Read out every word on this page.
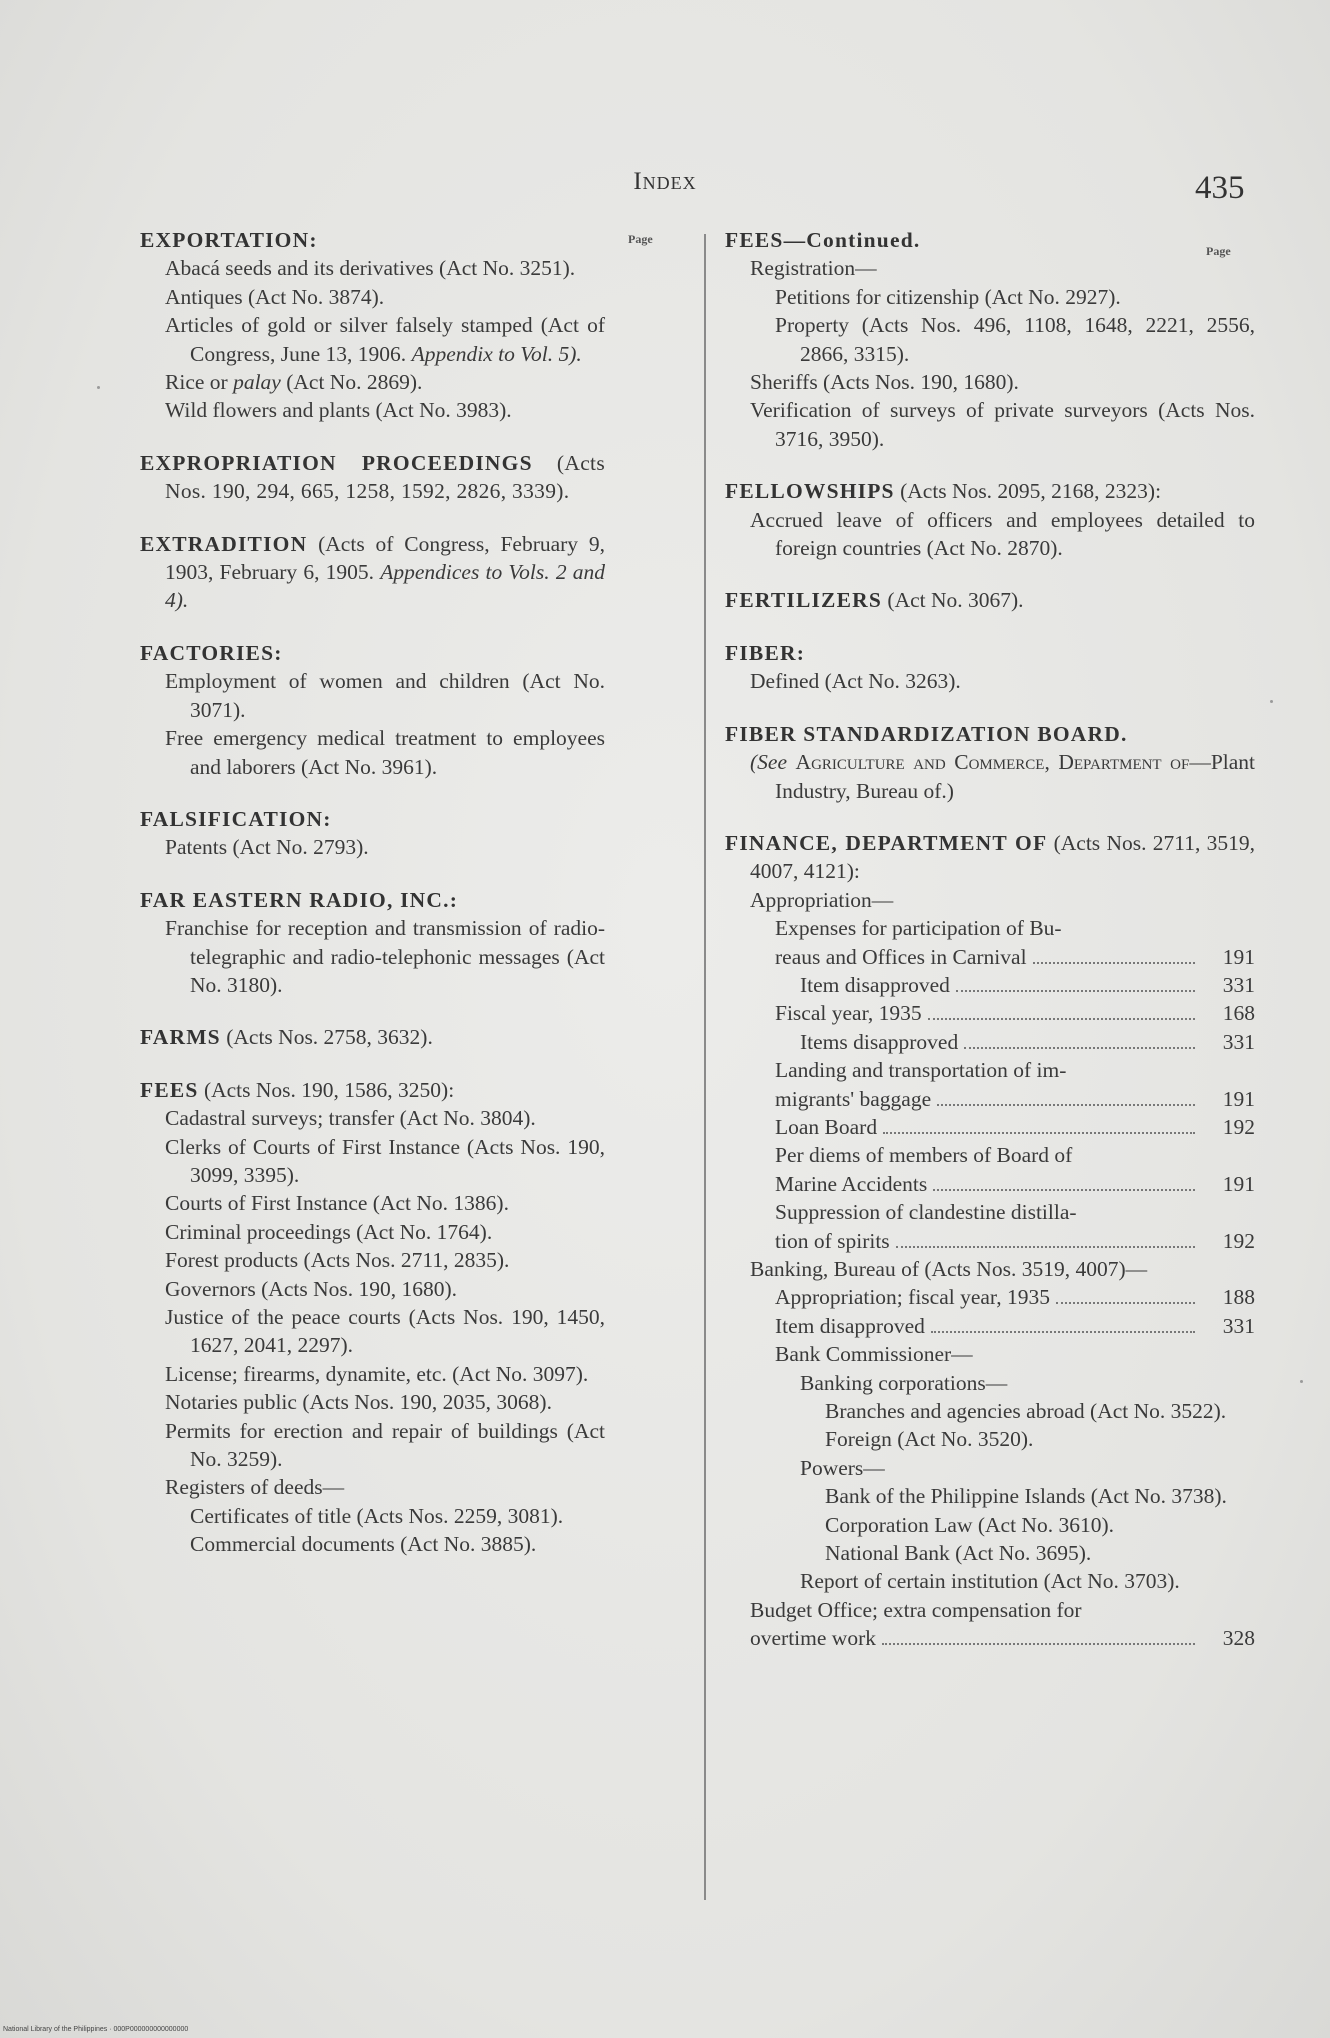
Index	435
Page
Page
EXPORTATION:
Abacá seeds and its derivatives (Act No. 3251).
Antiques (Act No. 3874).
Articles of gold or silver falsely stamped (Act of Congress, June 13, 1906. Appendix to Vol. 5).
Rice or palay (Act No. 2869).
Wild flowers and plants (Act No. 3983).
EXPROPRIATION PROCEEDINGS (Acts Nos. 190, 294, 665, 1258, 1592, 2826, 3339).
EXTRADITION (Acts of Congress, February 9, 1903, February 6, 1905. Appendices to Vols. 2 and 4).
FACTORIES:
Employment of women and children (Act No. 3071).
Free emergency medical treatment to employees and laborers (Act No. 3961).
FALSIFICATION:
Patents (Act No. 2793).
FAR EASTERN RADIO, INC.:
Franchise for reception and transmission of radio-telegraphic and radio-telephonic messages (Act No. 3180).
FARMS (Acts Nos. 2758, 3632).
FEES (Acts Nos. 190, 1586, 3250):
Cadastral surveys; transfer (Act No. 3804).
Clerks of Courts of First Instance (Acts Nos. 190, 3099, 3395).
Courts of First Instance (Act No. 1386).
Criminal proceedings (Act No. 1764).
Forest products (Acts Nos. 2711, 2835).
Governors (Acts Nos. 190, 1680).
Justice of the peace courts (Acts Nos. 190, 1450, 1627, 2041, 2297).
License; firearms, dynamite, etc. (Act No. 3097).
Notaries public (Acts Nos. 190, 2035, 3068).
Permits for erection and repair of buildings (Act No. 3259).
Registers of deeds—
Certificates of title (Acts Nos. 2259, 3081).
Commercial documents (Act No. 3885).
FEES—Continued.
Registration—
Petitions for citizenship (Act No. 2927).
Property (Acts Nos. 496, 1108, 1648, 2221, 2556, 2866, 3315).
Sheriffs (Acts Nos. 190, 1680).
Verification of surveys of private surveyors (Acts Nos. 3716, 3950).
FELLOWSHIPS (Acts Nos. 2095, 2168, 2323):
Accrued leave of officers and employees detailed to foreign countries (Act No. 2870).
FERTILIZERS (Act No. 3067).
FIBER:
Defined (Act No. 3263).
FIBER STANDARDIZATION BOARD.
(See Agriculture and Commerce, Department of—Plant Industry, Bureau of.)
FINANCE, DEPARTMENT OF (Acts Nos. 2711, 3519, 4007, 4121):
Appropriation—
Expenses for participation of Bu-
reaus and Offices in Carnival	191
Item disapproved	331
Fiscal year, 1935	168
Items disapproved	331
Landing and transportation of im-
migrants' baggage	191
Loan Board	192
Per diems of members of Board of
Marine Accidents	191
Suppression of clandestine distilla-
tion of spirits	192
Banking, Bureau of (Acts Nos. 3519, 4007)—
Appropriation; fiscal year, 1935	188
Item disapproved	331
Bank Commissioner—
Banking corporations—
Branches and agencies abroad (Act No. 3522).
Foreign (Act No. 3520).
Powers—
Bank of the Philippine Islands (Act No. 3738).
Corporation Law (Act No. 3610).
National Bank (Act No. 3695).
Report of certain institution (Act No. 3703).
Budget Office; extra compensation for
overtime work	328
National Library of the Philippines · 000P000000000000000
